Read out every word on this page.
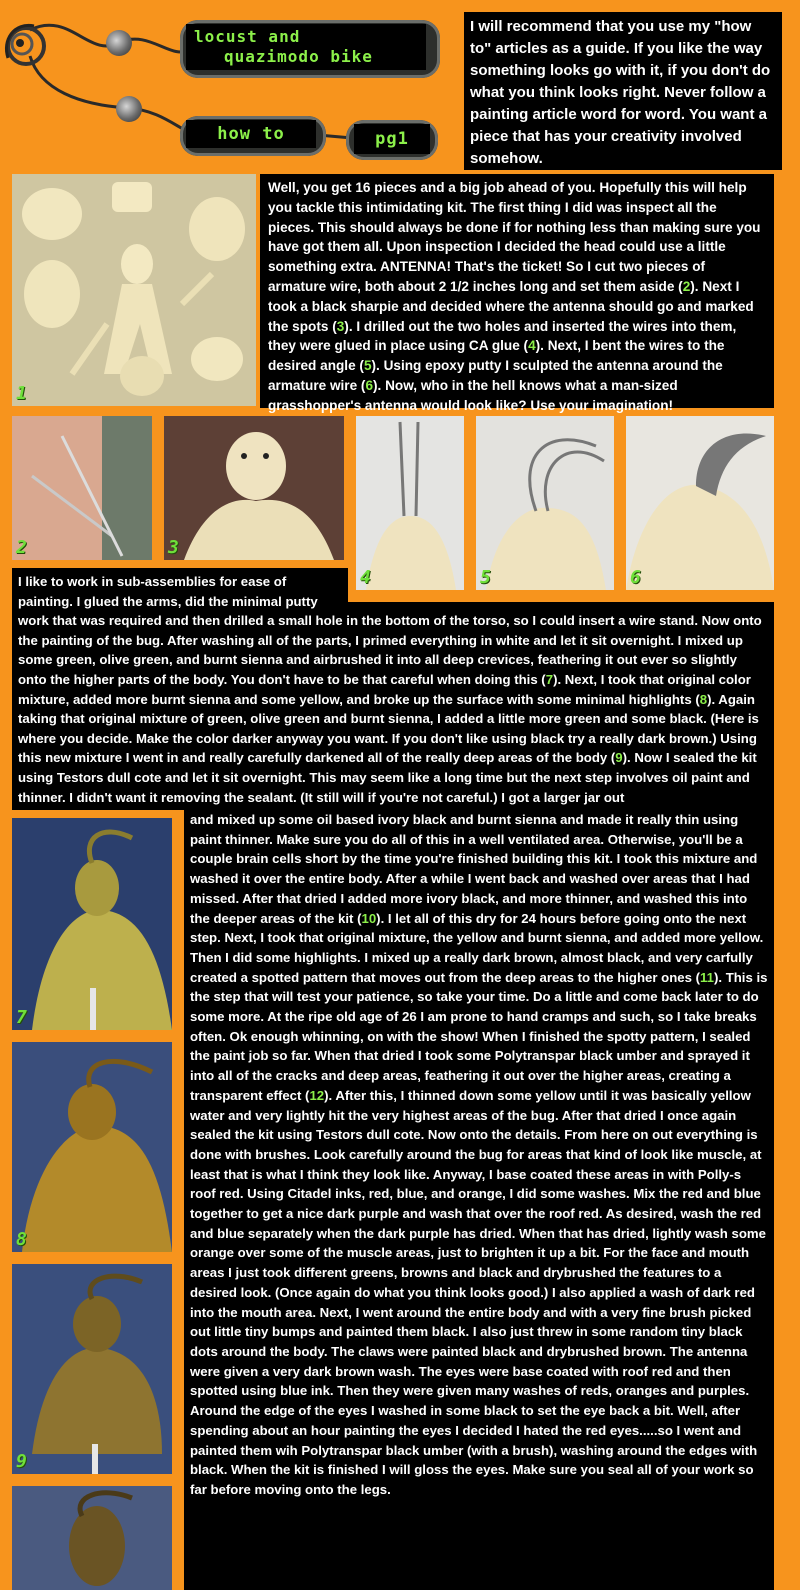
locust and
quazimodo bike
how to	pg1

I will recommend that you use my "how to" articles as a guide. If you like the way something looks go with it, if you don't do what you think looks right. Never follow a painting article word for word. You want a piece that has your creativity involved somehow.

1

Well, you get 16 pieces and a big job ahead of you. Hopefully this will help you tackle this intimidating kit. The first thing I did was inspect all the pieces. This should always be done if for nothing less than making sure you have got them all. Upon inspection I decided the head could use a little something extra. ANTENNA! That's the ticket! So I cut two pieces of armature wire, both about 2 1/2 inches long and set them aside (2). Next I took a black sharpie and decided where the antenna should go and marked the spots (3). I drilled out the two holes and inserted the wires into them, they were glued in place using CA glue (4). Next, I bent the wires to the desired angle (5). Using epoxy putty I sculpted the antenna around the armature wire (6). Now, who in the hell knows what a man-sized grasshopper's antenna would look like? Use your imagination!

2	3
4	5	6

I like to work in sub-assemblies for ease of painting. I glued the arms, did the minimal putty work that was required and then drilled a small hole in the bottom of the torso, so I could insert a wire stand. Now onto the painting of the bug. After washing all of the parts, I primed everything in white and let it sit overnight. I mixed up some green, olive green, and burnt sienna and airbrushed it into all deep crevices, feathering it out ever so slightly onto the higher parts of the body. You don't have to be that careful when doing this (7). Next, I took that original color mixture, added more burnt sienna and some yellow, and broke up the surface with some minimal highlights (8). Again taking that original mixture of green, olive green and burnt sienna, I added a little more green and some black. (Here is where you decide. Make the color darker anyway you want. If you don't like using black try a really dark brown.) Using this new mixture I went in and really carefully darkened all of the really deep areas of the body (9). Now I sealed the kit using Testors dull cote and let it sit overnight. This may seem like a long time but the next step involves oil paint and thinner. I didn't want it removing the sealant. (It still will if you're not careful.) I got a larger jar out

and mixed up some oil based ivory black and burnt sienna and made it really thin using paint thinner. Make sure you do all of this in a well ventilated area. Otherwise, you'll be a couple brain cells short by the time you're finished building this kit. I took this mixture and washed it over the entire body. After a while I went back and washed over areas that I had missed. After that dried I added more ivory black, and more thinner, and washed this into the deeper areas of the kit (10). I let all of this dry for 24 hours before going onto the next step. Next, I took that original mixture, the yellow and burnt sienna, and added more yellow. Then I did some highlights. I mixed up a really dark brown, almost black, and very carfully created a spotted pattern that moves out from the deep areas to the higher ones (11). This is the step that will test your patience, so take your time. Do a little and come back later to do some more. At the ripe old age of 26 I am prone to hand cramps and such, so I take breaks often. Ok enough whinning, on with the show! When I finished the spotty pattern, I sealed the paint job so far. When that dried I took some Polytranspar black umber and sprayed it into all of the cracks and deep areas, feathering it out over the higher areas, creating a transparent effect (12). After this, I thinned down some yellow until it was basically yellow water and very lightly hit the very highest areas of the bug. After that dried I once again sealed the kit using Testors dull cote. Now onto the details. From here on out everything is done with brushes. Look carefully around the bug for areas that kind of look like muscle, at least that is what I think they look like. Anyway, I base coated these areas in with Polly-s roof red. Using Citadel inks, red, blue, and orange, I did some washes. Mix the red and blue together to get a nice dark purple and wash that over the roof red. As desired, wash the red and blue separately when the dark purple has dried. When that has dried, lightly wash some orange over some of the muscle areas, just to brighten it up a bit. For the face and mouth areas I just took different greens, browns and black and drybrushed the features to a desired look. (Once again do what you think looks good.) I also applied a wash of dark red into the mouth area. Next, I went around the entire body and with a very fine brush picked out little tiny bumps and painted them black. I also just threw in some random tiny black dots around the body. The claws were painted black and drybrushed brown. The antenna were given a very dark brown wash. The eyes were base coated with roof red and then spotted using blue ink. Then they were given many washes of reds, oranges and purples. Around the edge of the eyes I washed in some black to set the eye back a bit. Well, after spending about an hour painting the eyes I decided I hated the red eyes.....so I went and painted them wih Polytranspar black umber (with a brush), washing around the edges with black. When the kit is finished I will gloss the eyes. Make sure you seal all of your work so far before moving onto the legs.

7
8
9
